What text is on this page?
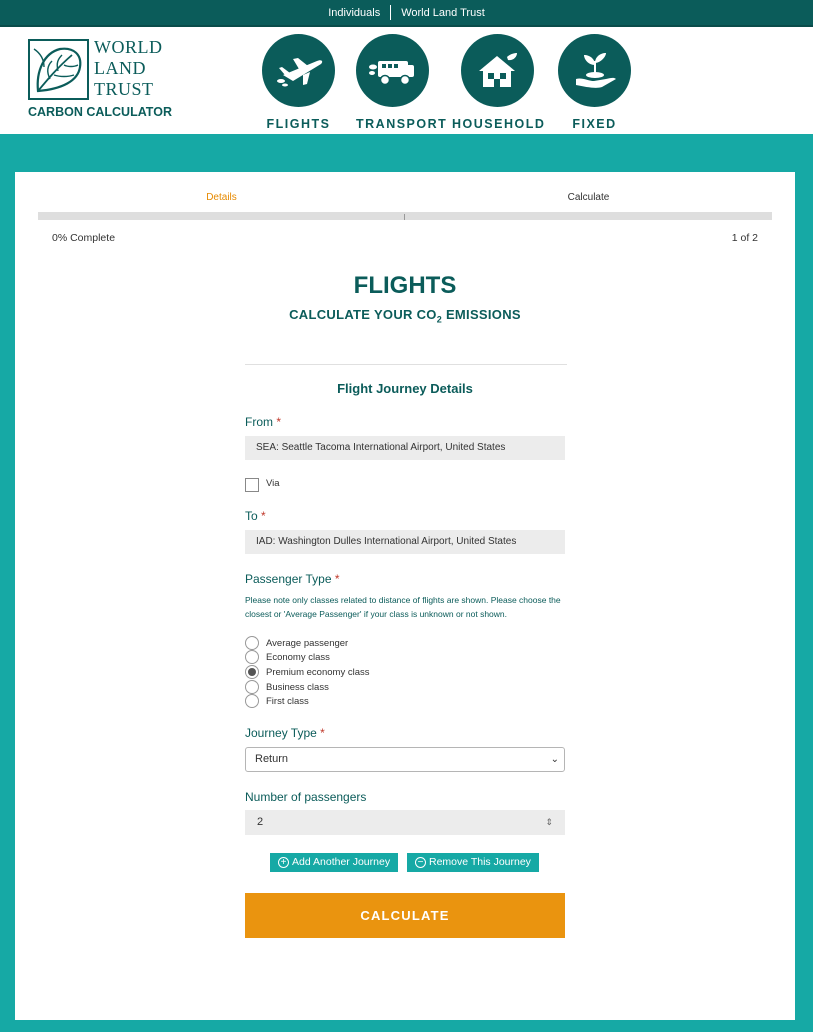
Individuals	World Land Trust
WORLD
LAND
TRUST
CARBON CALCULATOR
FLIGHTS	TRANSPORT HOUSEHOLD	FIXED
Details	Calculate
0% Complete	1 of 2
FLIGHTS
CALCULATE YOUR $CO_2$ EMISSIONS
Flight Journey Details
From *
SEA: Seattle Tacoma International Airport, United States
Via
To *
IAD: Washington Dulles International Airport, United States
Passenger Type *
Please note only classes related to distance of flights are shown. Please choose the closest or 'Average Passenger' if your class is unknown or not shown.
Average passenger
Economy class
Premium economy class
Business class
First class
Journey Type *
Return	⌄
Number of passengers
2	⇕
+ Add Another Journey	− Remove This Journey
CALCULATE
